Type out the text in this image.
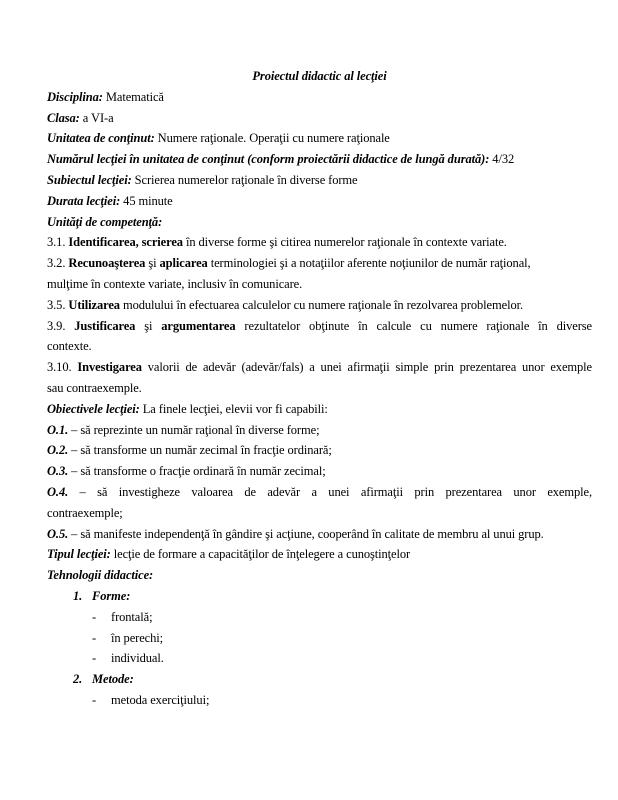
Proiectul didactic al lecţiei
Disciplina: Matematică
Clasa: a VI-a
Unitatea de conţinut: Numere raţionale. Operaţii cu numere raţionale
Numărul lecţiei în unitatea de conţinut (conform proiectării didactice de lungă durată): 4/32
Subiectul lecţiei: Scrierea numerelor raţionale în diverse forme
Durata lecţiei: 45 minute
Unităţi de competenţă:
3.1. Identificarea, scrierea în diverse forme şi citirea numerelor raţionale în contexte variate.
3.2. Recunoaşterea şi aplicarea terminologiei şi a notaţiilor aferente noţiunilor de număr raţional,
mulţime în contexte variate, inclusiv în comunicare.
3.5. Utilizarea modulului în efectuarea calculelor cu numere raţionale în rezolvarea problemelor.
3.9. Justificarea şi argumentarea rezultatelor obţinute în calcule cu numere raţionale în diverse
contexte.
3.10. Investigarea valorii de adevăr (adevăr/fals) a unei afirmaţii simple prin prezentarea unor exemple
sau contraexemple.
Obiectivele lecţiei: La finele lecţiei, elevii vor fi capabili:
O.1. – să reprezinte un număr raţional în diverse forme;
O.2. – să transforme un număr zecimal în fracţie ordinară;
O.3. – să transforme o fracţie ordinară în număr zecimal;
O.4. – să investigheze valoarea de adevăr a unei afirmaţii prin prezentarea unor exemple,
contraexemple;
O.5. – să manifeste independenţă în gândire şi acţiune, cooperând în calitate de membru al unui grup.
Tipul lecţiei: lecţie de formare a capacităţilor de înţelegere a cunoştinţelor
Tehnologii didactice:
1. Forme:
- frontală;
- în perechi;
- individual.
2. Metode:
- metoda exerciţiului;
